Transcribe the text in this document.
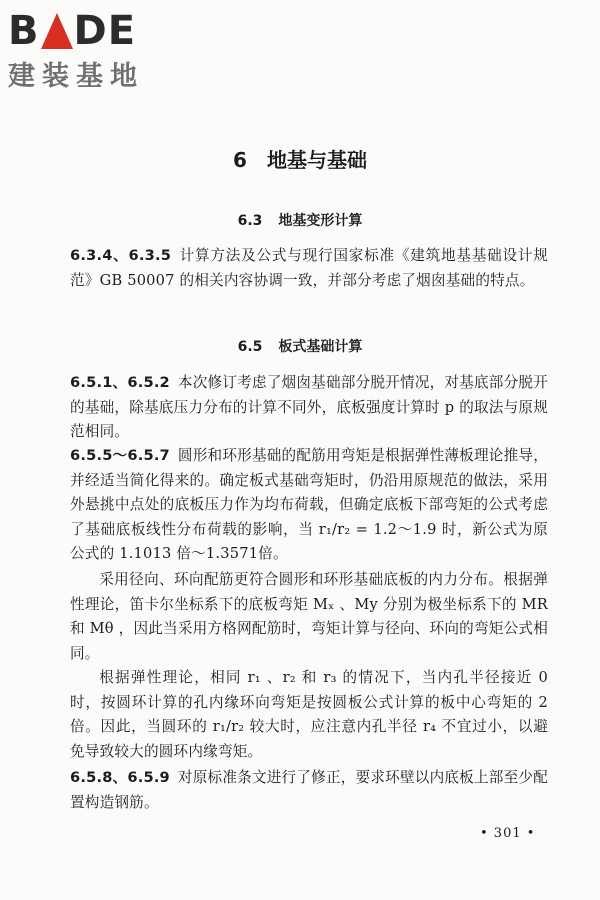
B DE
建装基地
6 地基与基础
6.3 地基变形计算
6.3.4、6.3.5 计算方法及公式与现行国家标准《建筑地基基础设计规范》GB 50007 的相关内容协调一致，并部分考虑了烟囱基础的特点。
6.5 板式基础计算
6.5.1、6.5.2 本次修订考虑了烟囱基础部分脱开情况，对基底部分脱开的基础，除基底压力分布的计算不同外，底板强度计算时 p 的取法与原规范相同。
6.5.5～6.5.7 圆形和环形基础的配筋用弯矩是根据弹性薄板理论推导，并经适当简化得来的。确定板式基础弯矩时，仍沿用原规范的做法，采用外悬挑中点处的底板压力作为均布荷载，但确定底板下部弯矩的公式考虑了基础底板线性分布荷载的影响，当 r₁/r₂ = 1.2～1.9 时，新公式为原公式的 1.1013 倍～1.3571倍。
采用径向、环向配筋更符合圆形和环形基础底板的内力分布。根据弹性理论，笛卡尔坐标系下的底板弯矩 Mₓ 、My 分别为极坐标系下的 MR 和 Mθ ，因此当采用方格网配筋时，弯矩计算与径向、环向的弯矩公式相同。
根据弹性理论，相同 r₁ 、r₂ 和 r₃ 的情况下，当内孔半径接近 0 时，按圆环计算的孔内缘环向弯矩是按圆板公式计算的板中心弯矩的 2 倍。因此，当圆环的 r₁/r₂ 较大时，应注意内孔半径 r₄ 不宜过小，以避免导致较大的圆环内缘弯矩。
6.5.8、6.5.9 对原标准条文进行了修正，要求环壁以内底板上部至少配置构造钢筋。
• 301 •
